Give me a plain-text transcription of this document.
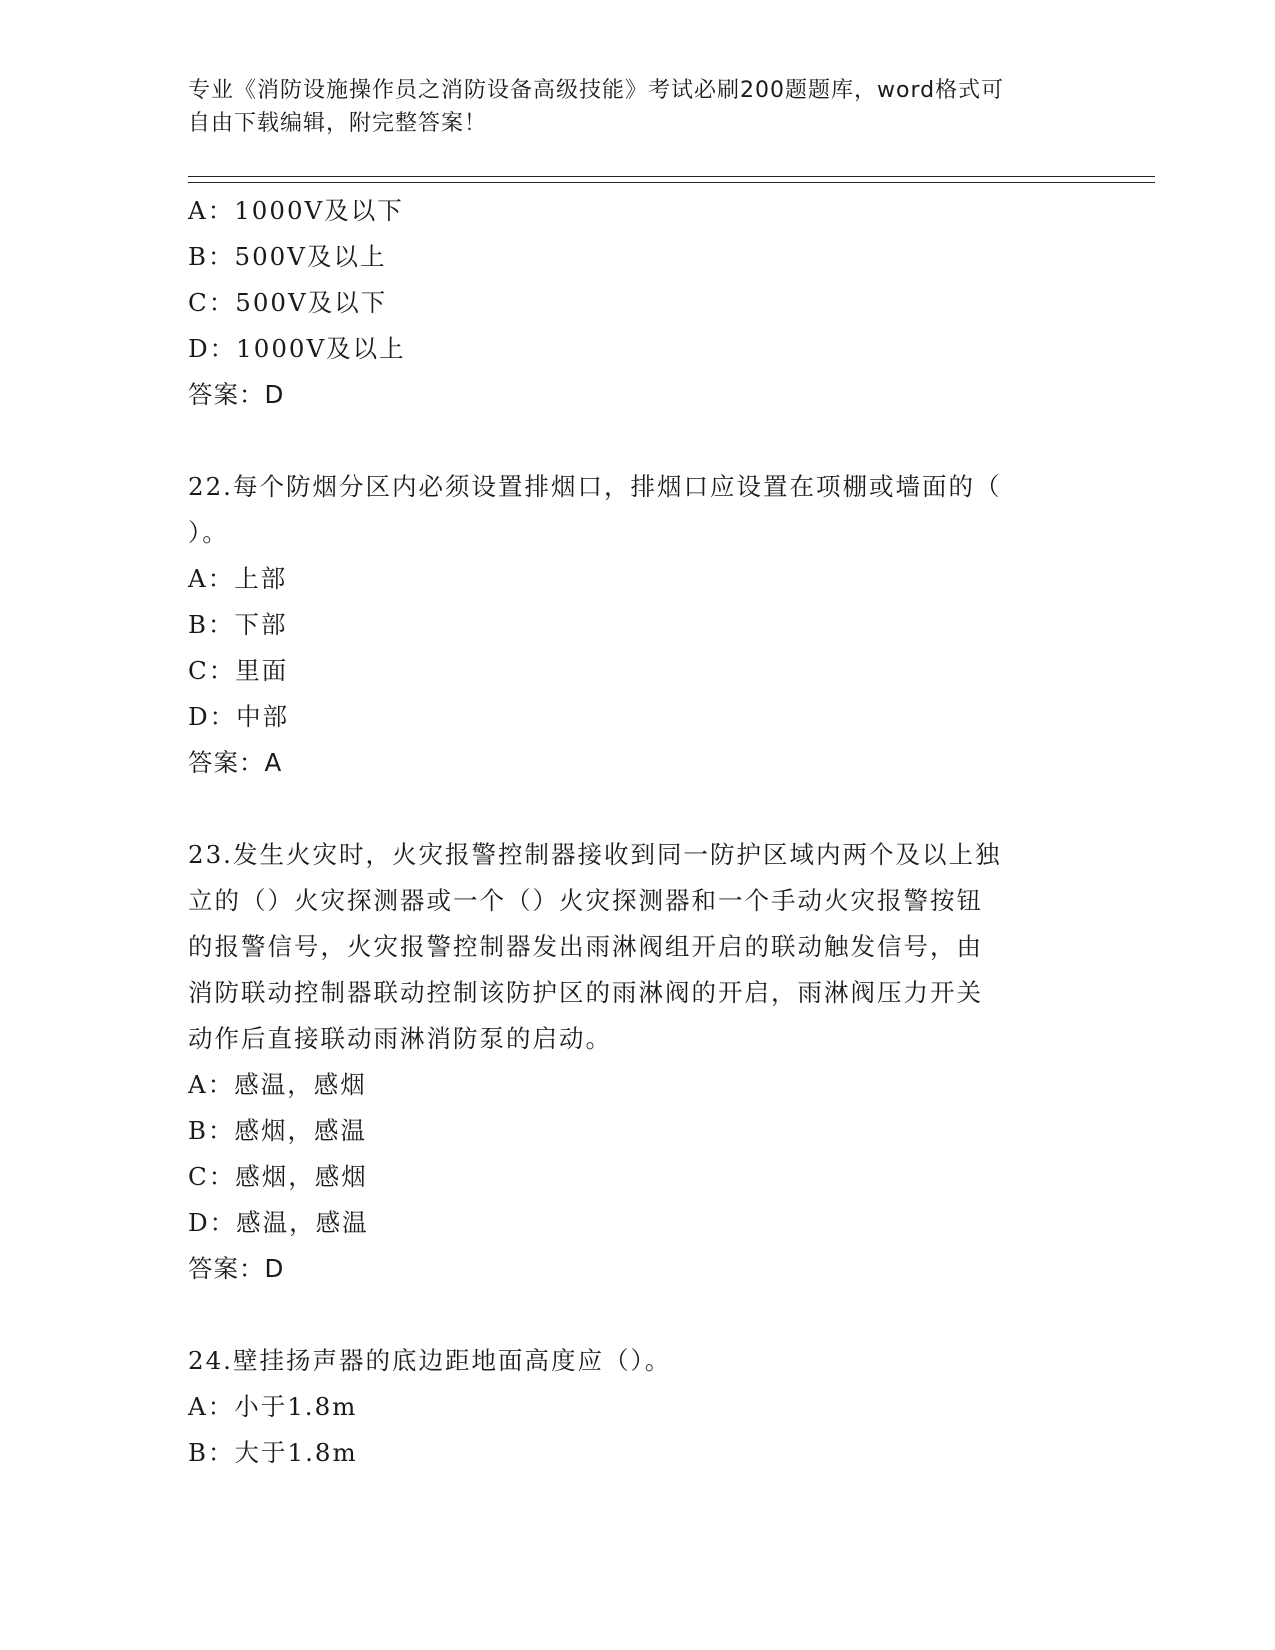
专业《消防设施操作员之消防设备高级技能》考试必刷200题题库，word格式可
自由下载编辑，附完整答案！
A：1000V及以下
B：500V及以上
C：500V及以下
D：1000V及以上
答案：D
22.每个防烟分区内必须设置排烟口，排烟口应设置在项棚或墙面的（
）。
A：上部
B：下部
C：里面
D：中部
答案：A
23.发生火灾时，火灾报警控制器接收到同一防护区域内两个及以上独
立的（）火灾探测器或一个（）火灾探测器和一个手动火灾报警按钮
的报警信号，火灾报警控制器发出雨淋阀组开启的联动触发信号，由
消防联动控制器联动控制该防护区的雨淋阀的开启，雨淋阀压力开关
动作后直接联动雨淋消防泵的启动。
A：感温，感烟
B：感烟，感温
C：感烟，感烟
D：感温，感温
答案：D
24.壁挂扬声器的底边距地面高度应（）。
A：小于1.8m
B：大于1.8m
